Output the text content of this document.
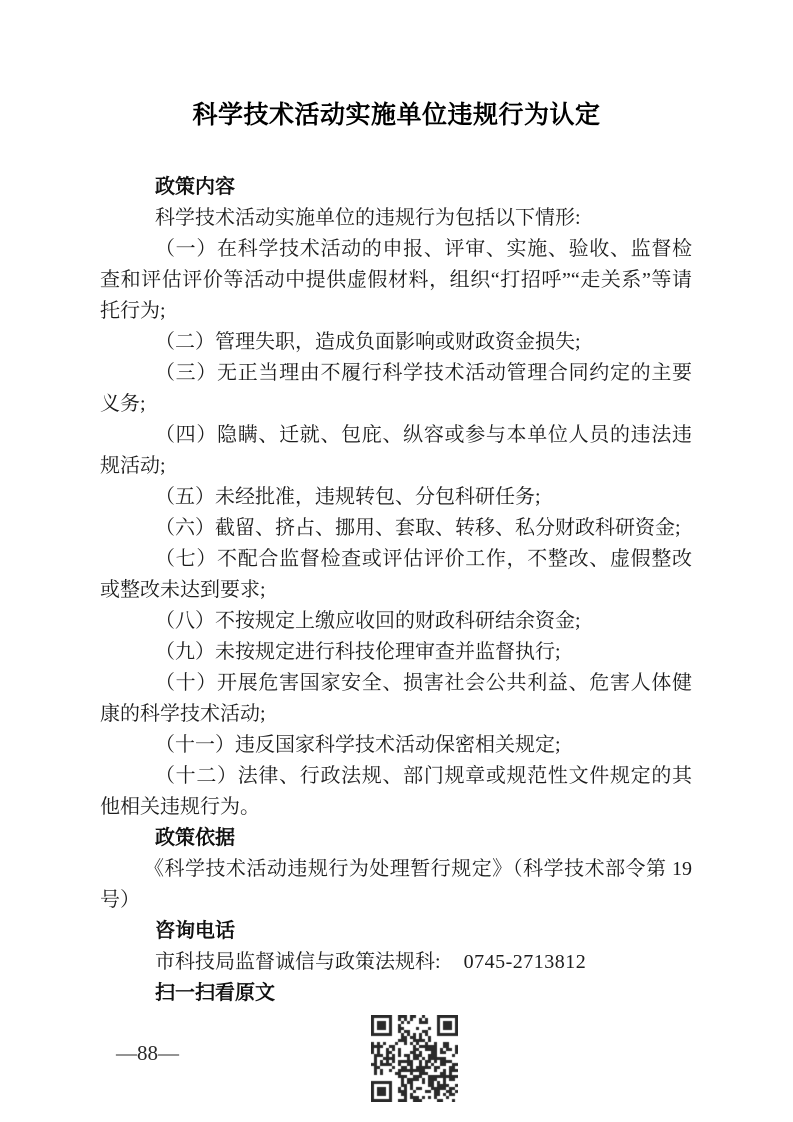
科学技术活动实施单位违规行为认定
政策内容

科学技术活动实施单位的违规行为包括以下情形:

（一）在科学技术活动的申报、评审、实施、验收、监督检查和评估评价等活动中提供虚假材料，组织“打招呼”“走关系”等请托行为;

（二）管理失职，造成负面影响或财政资金损失;

（三）无正当理由不履行科学技术活动管理合同约定的主要义务;

（四）隐瞒、迁就、包庇、纵容或参与本单位人员的违法违规活动;

（五）未经批准，违规转包、分包科研任务;

（六）截留、挤占、挪用、套取、转移、私分财政科研资金;

（七）不配合监督检查或评估评价工作，不整改、虚假整改或整改未达到要求;

（八）不按规定上缴应收回的财政科研结余资金;

（九）未按规定进行科技伦理审查并监督执行;

（十）开展危害国家安全、损害社会公共利益、危害人体健康的科学技术活动;

（十一）违反国家科学技术活动保密相关规定;

（十二）法律、行政法规、部门规章或规范性文件规定的其他相关违规行为。

政策依据

《科学技术活动违规行为处理暂行规定》（科学技术部令第 19 号）

咨询电话

市科技局监督诚信与政策法规科: 0745-2713812

扫一扫看原文
—88—
